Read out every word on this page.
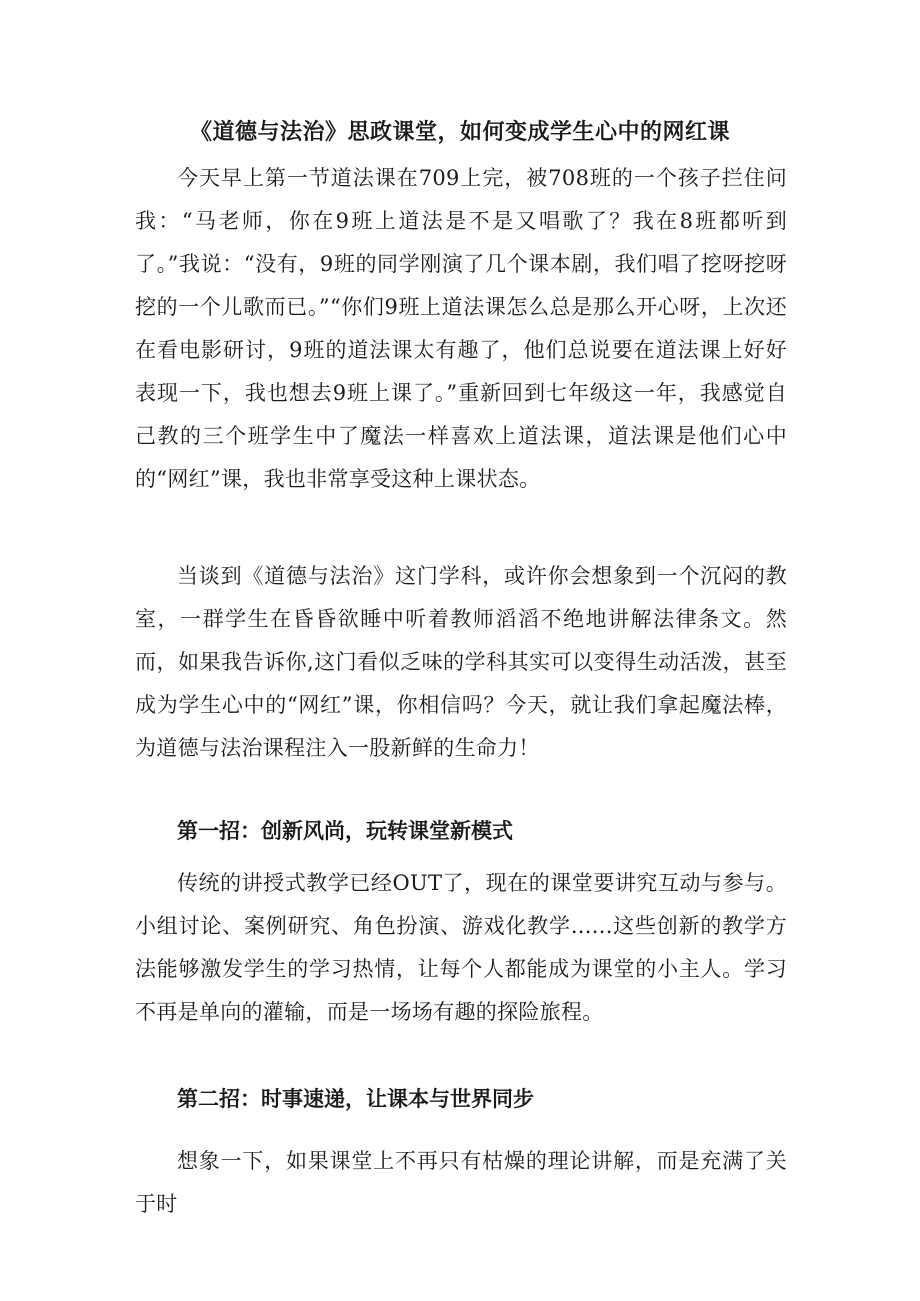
《道德与法治》思政课堂，如何变成学生心中的网红课

今天早上第一节道法课在709上完，被708班的一个孩子拦住问我：“马老师，你在9班上道法是不是又唱歌了？我在8班都听到了。”我说：“没有，9班的同学刚演了几个课本剧，我们唱了挖呀挖呀挖的一个儿歌而已。”“你们9班上道法课怎么总是那么开心呀，上次还在看电影研讨，9班的道法课太有趣了，他们总说要在道法课上好好表现一下，我也想去9班上课了。”重新回到七年级这一年，我感觉自己教的三个班学生中了魔法一样喜欢上道法课，道法课是他们心中的“网红”课，我也非常享受这种上课状态。

当谈到《道德与法治》这门学科，或许你会想象到一个沉闷的教室，一群学生在昏昏欲睡中听着教师滔滔不绝地讲解法律条文。然而，如果我告诉你,这门看似乏味的学科其实可以变得生动活泼，甚至成为学生心中的“网红”课，你相信吗？今天，就让我们拿起魔法棒，为道德与法治课程注入一股新鲜的生命力！

第一招：创新风尚，玩转课堂新模式

传统的讲授式教学已经OUT了，现在的课堂要讲究互动与参与。小组讨论、案例研究、角色扮演、游戏化教学......这些创新的教学方法能够激发学生的学习热情，让每个人都能成为课堂的小主人。学习不再是单向的灌输，而是一场场有趣的探险旅程。

第二招：时事速递，让课本与世界同步

想象一下，如果课堂上不再只有枯燥的理论讲解，而是充满了关于时
